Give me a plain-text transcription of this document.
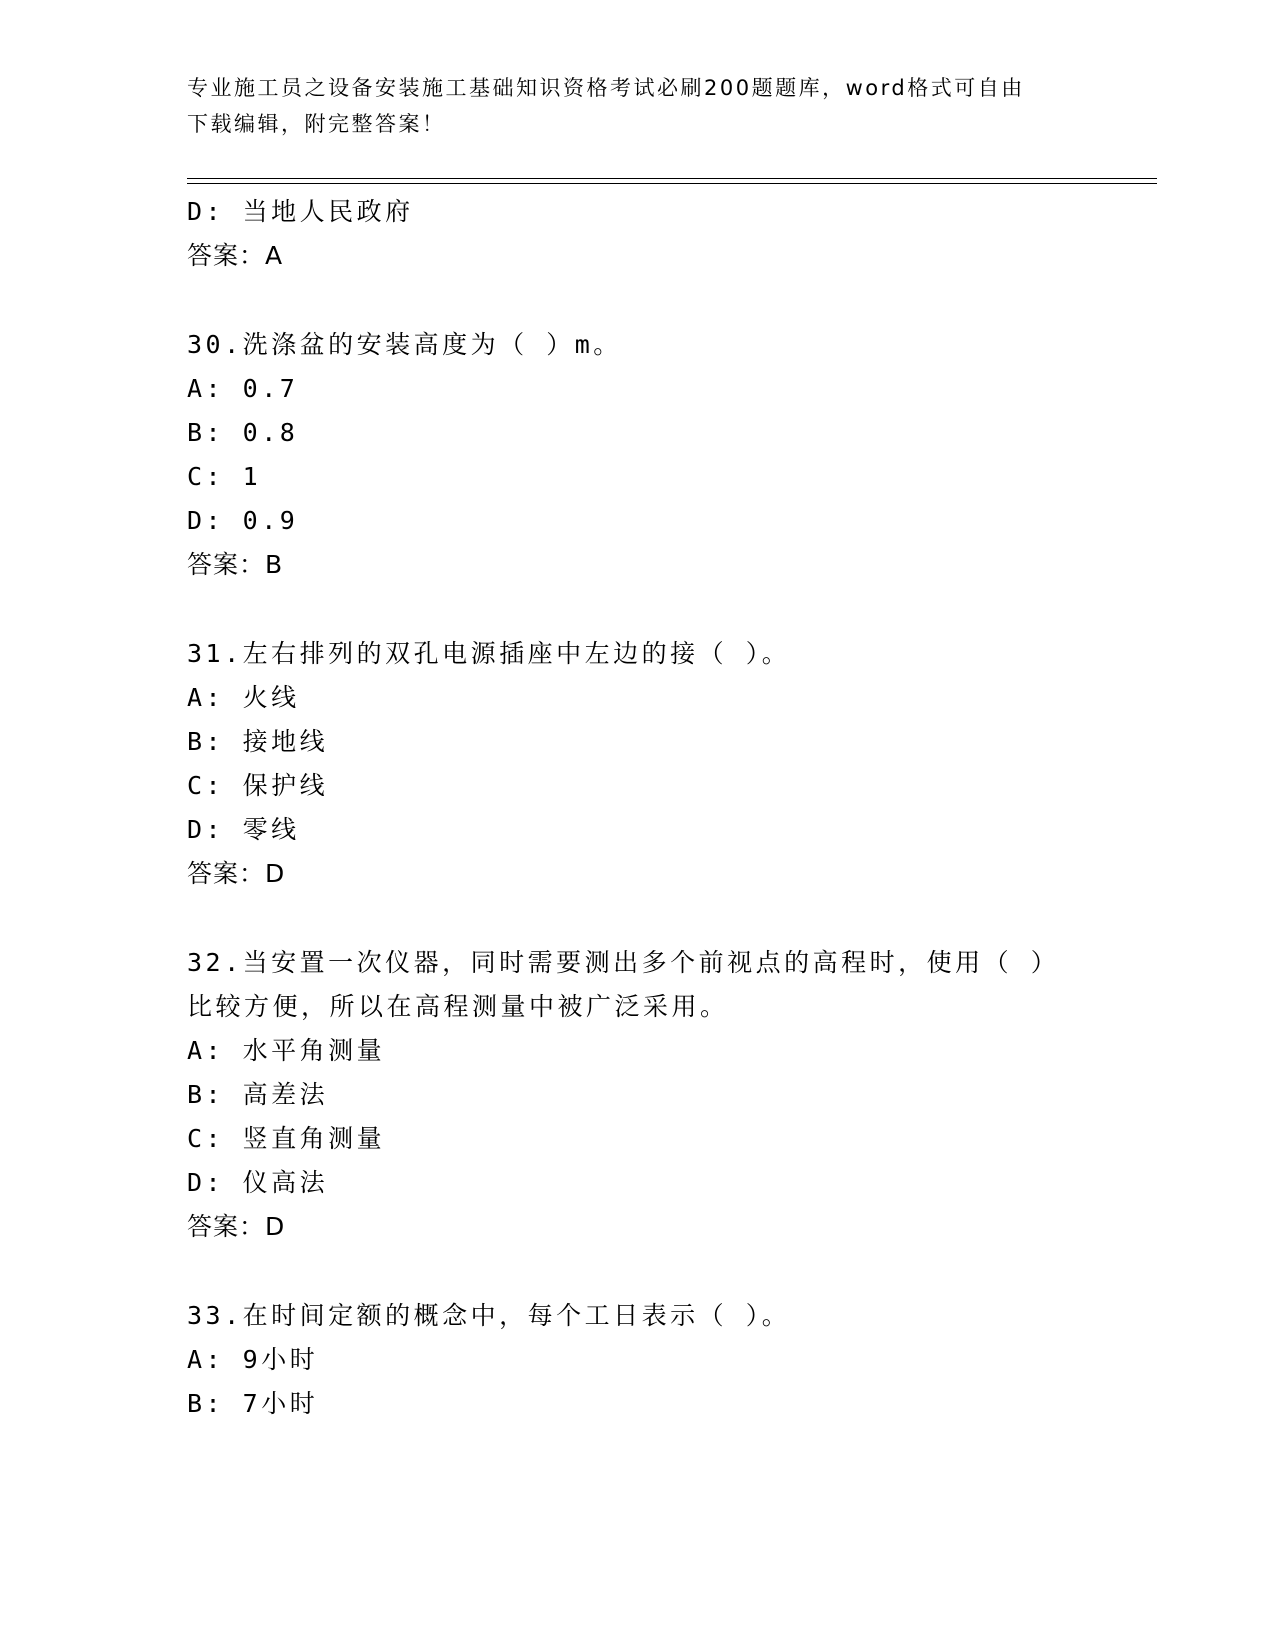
专业施工员之设备安装施工基础知识资格考试必刷200题题库，word格式可自由
下载编辑，附完整答案！
D: 当地人民政府
答案：A
30.洗涤盆的安装高度为（ ）m。
A: 0.7
B: 0.8
C: 1
D: 0.9
答案：B
31.左右排列的双孔电源插座中左边的接（ ）。
A: 火线
B: 接地线
C: 保护线
D: 零线
答案：D
32.当安置一次仪器，同时需要测出多个前视点的高程时，使用（ ）
比较方便，所以在高程测量中被广泛采用。
A: 水平角测量
B: 高差法
C: 竖直角测量
D: 仪高法
答案：D
33.在时间定额的概念中，每个工日表示（ ）。
A: 9小时
B: 7小时
